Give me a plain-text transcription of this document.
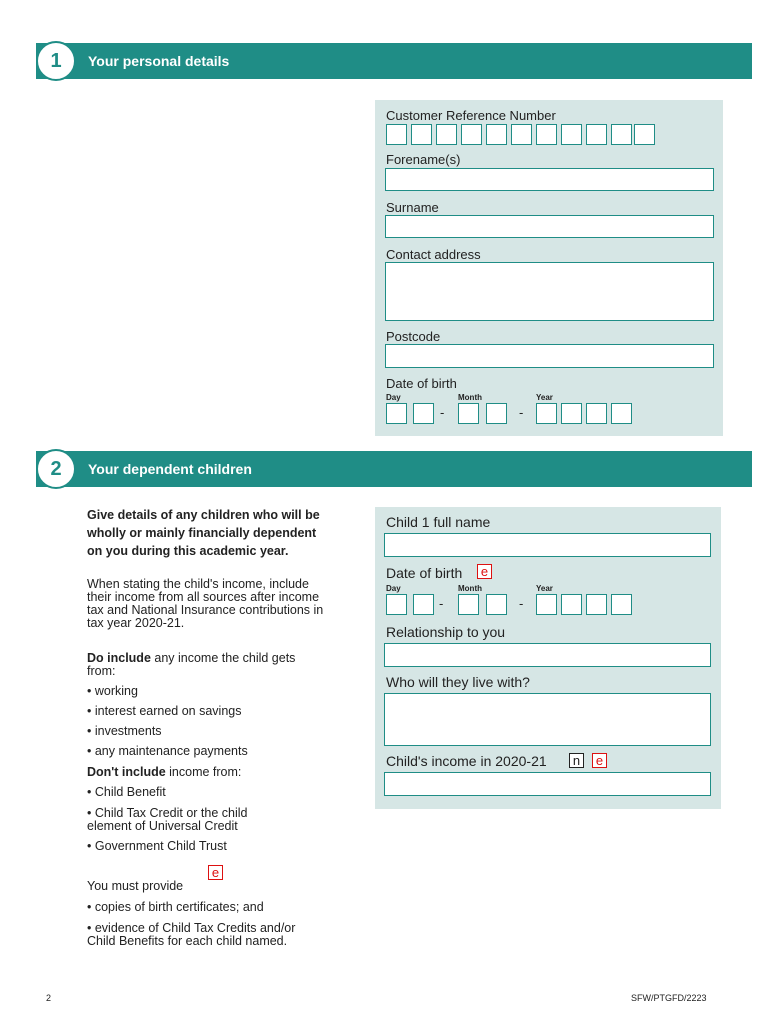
1	Your personal details
Customer Reference Number
Forename(s)
Surname
Contact address
Postcode
Date of birth
Day	Month	Year
-	-
2	Your dependent children
Give details of any children who will be wholly or mainly financially dependent on you during this academic year.
When stating the child's income, include their income from all sources after income tax and National Insurance contributions in tax year 2020-21.
Do include any income the child gets from:
• working
• interest earned on savings
• investments
• any maintenance payments
Don't include income from:
• Child Benefit
• Child Tax Credit or the child element of Universal Credit
• Government Child Trust
You must provide
e
• copies of birth certificates; and
• evidence of Child Tax Credits and/or Child Benefits for each child named.
Child 1 full name
Date of birth e
Day	Month	Year
-	-
Relationship to you
Who will they live with?
Child's income in 2020-21 n e
2	SFW/PTGFD/2223
